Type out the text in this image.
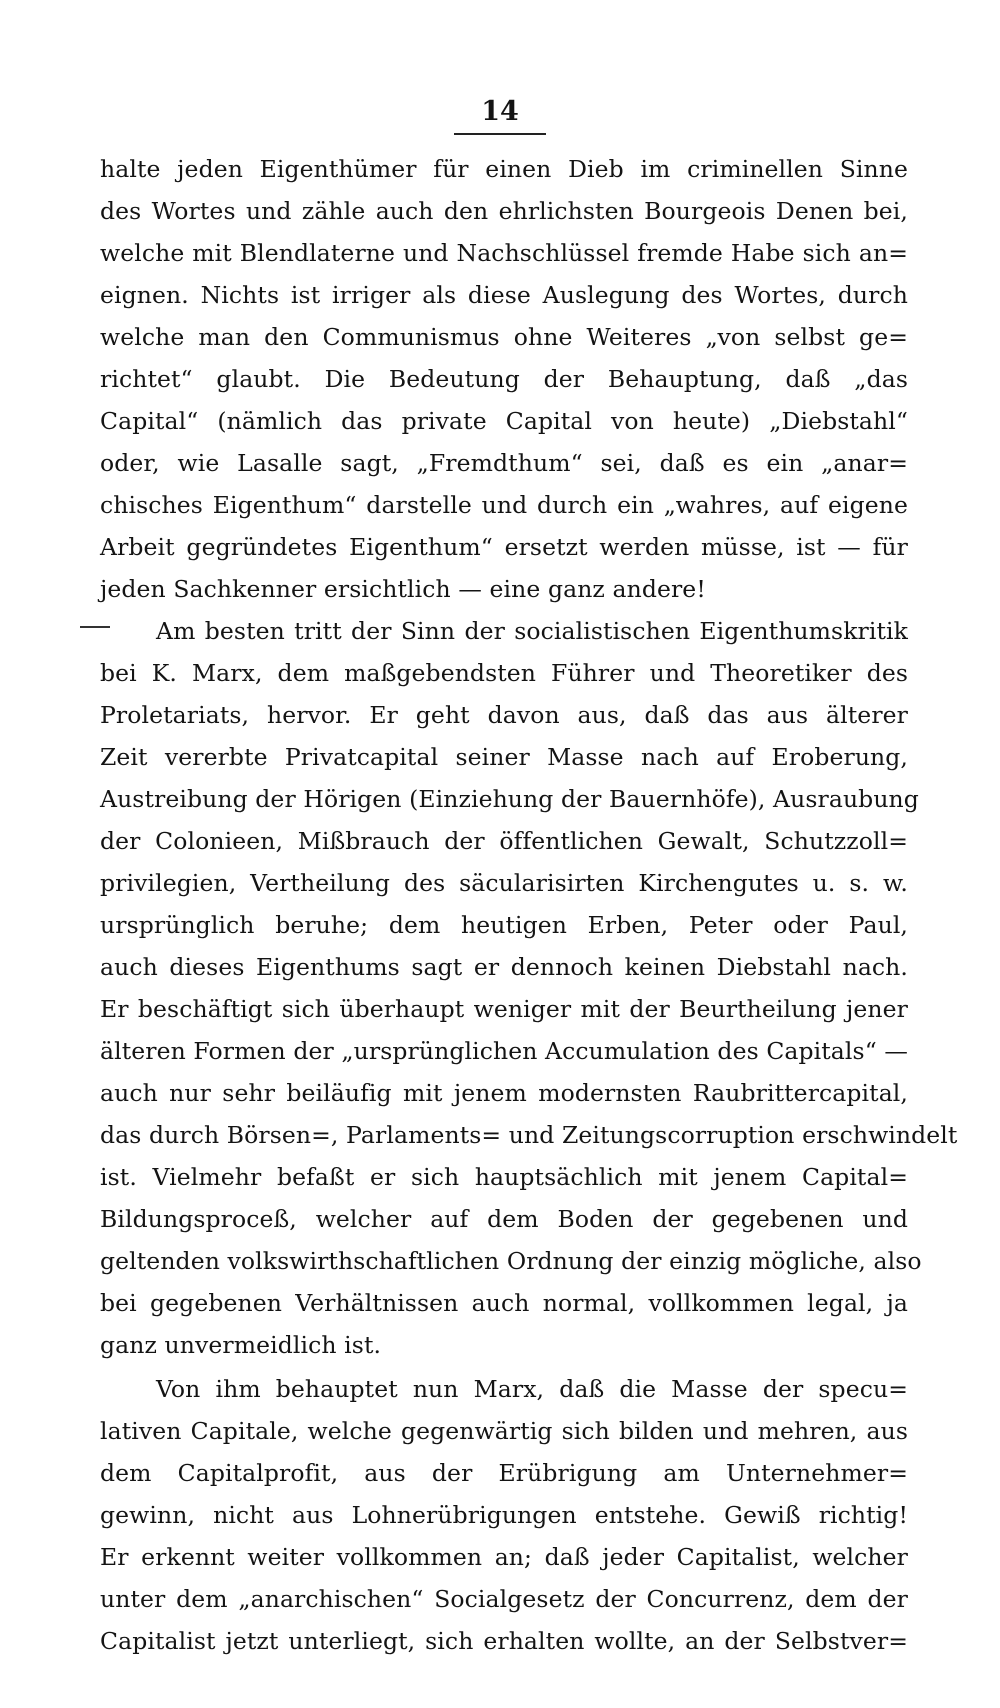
14

halte jeden Eigenthümer für einen Dieb im criminellen Sinne

des Wortes und zähle auch den ehrlichsten Bourgeois Denen bei,

welche mit Blendlaterne und Nachschlüssel fremde Habe sich an=

eignen. Nichts ist irriger als diese Auslegung des Wortes, durch

welche man den Communismus ohne Weiteres „von selbst ge=

richtet“ glaubt. Die Bedeutung der Behauptung, daß „das

Capital“ (nämlich das private Capital von heute) „Diebstahl“

oder, wie Lasalle sagt, „Fremdthum“ sei, daß es ein „anar=

chisches Eigenthum“ darstelle und durch ein „wahres, auf eigene

Arbeit gegründetes Eigenthum“ ersetzt werden müsse, ist — für

jeden Sachkenner ersichtlich — eine ganz andere!

Am besten tritt der Sinn der socialistischen Eigenthumskritik

bei K. Marx, dem maßgebendsten Führer und Theoretiker des

Proletariats, hervor. Er geht davon aus, daß das aus älterer

Zeit vererbte Privatcapital seiner Masse nach auf Eroberung,

Austreibung der Hörigen (Einziehung der Bauernhöfe), Ausraubung

der Colonieen, Mißbrauch der öffentlichen Gewalt, Schutzzoll=

privilegien, Vertheilung des säcularisirten Kirchengutes u. s. w.

ursprünglich beruhe; dem heutigen Erben, Peter oder Paul,

auch dieses Eigenthums sagt er dennoch keinen Diebstahl nach.

Er beschäftigt sich überhaupt weniger mit der Beurtheilung jener

älteren Formen der „ursprünglichen Accumulation des Capitals“ —

auch nur sehr beiläufig mit jenem modernsten Raubrittercapital,

das durch Börsen=, Parlaments= und Zeitungscorruption erschwindelt

ist. Vielmehr befaßt er sich hauptsächlich mit jenem Capital=

Bildungsproceß, welcher auf dem Boden der gegebenen und

geltenden volkswirthschaftlichen Ordnung der einzig mögliche, also

bei gegebenen Verhältnissen auch normal, vollkommen legal, ja

ganz unvermeidlich ist.

Von ihm behauptet nun Marx, daß die Masse der specu=

lativen Capitale, welche gegenwärtig sich bilden und mehren, aus

dem Capitalprofit, aus der Erübrigung am Unternehmer=

gewinn, nicht aus Lohnerübrigungen entstehe. Gewiß richtig!

Er erkennt weiter vollkommen an; daß jeder Capitalist, welcher

unter dem „anarchischen“ Socialgesetz der Concurrenz, dem der

Capitalist jetzt unterliegt, sich erhalten wollte, an der Selbstver=
